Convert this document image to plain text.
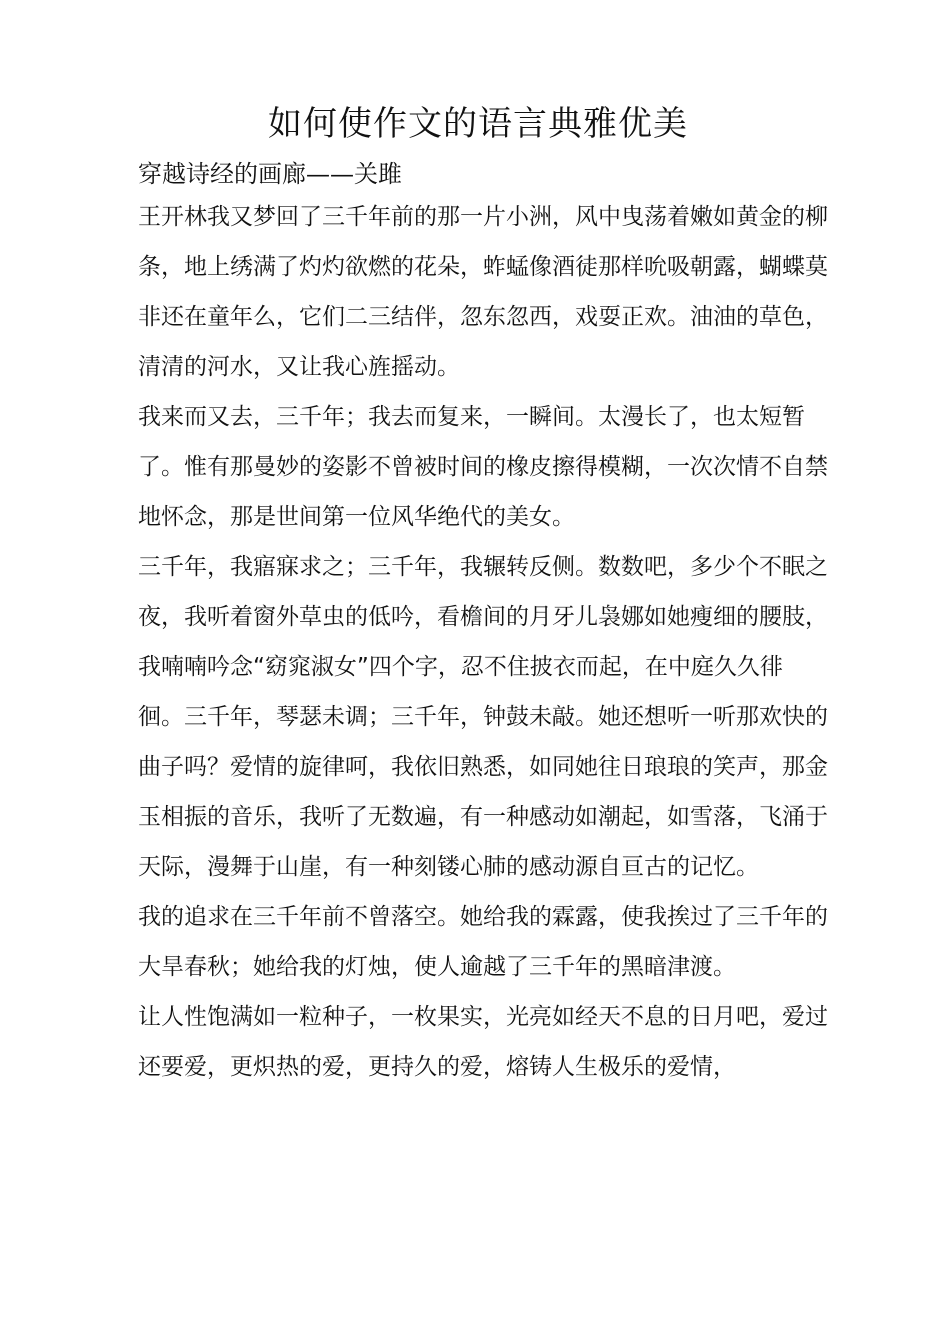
如何使作文的语言典雅优美
穿越诗经的画廊——关雎

王开林我又梦回了三千年前的那一片小洲，风中曳荡着嫩如黄金的柳条，地上绣满了灼灼欲燃的花朵，蚱蜢像酒徒那样吮吸朝露，蝴蝶莫非还在童年么，它们二三结伴，忽东忽西，戏耍正欢。油油的草色，清清的河水，又让我心旌摇动。

我来而又去，三千年；我去而复来，一瞬间。太漫长了，也太短暂了。惟有那曼妙的姿影不曾被时间的橡皮擦得模糊，一次次情不自禁地怀念，那是世间第一位风华绝代的美女。

三千年，我寤寐求之；三千年，我辗转反侧。数数吧，多少个不眠之夜，我听着窗外草虫的低吟，看檐间的月牙儿袅娜如她瘦细的腰肢，我喃喃吟念“窈窕淑女”四个字，忍不住披衣而起，在中庭久久徘徊。三千年，琴瑟未调；三千年，钟鼓未敲。她还想听一听那欢快的曲子吗？爱情的旋律呵，我依旧熟悉，如同她往日琅琅的笑声，那金玉相振的音乐，我听了无数遍，有一种感动如潮起，如雪落，飞涌于天际，漫舞于山崖，有一种刻镂心肺的感动源自亘古的记忆。

我的追求在三千年前不曾落空。她给我的霖露，使我挨过了三千年的大旱春秋；她给我的灯烛，使人逾越了三千年的黑暗津渡。

让人性饱满如一粒种子，一枚果实，光亮如经天不息的日月吧，爱过还要爱，更炽热的爱，更持久的爱，熔铸人生极乐的爱情，
